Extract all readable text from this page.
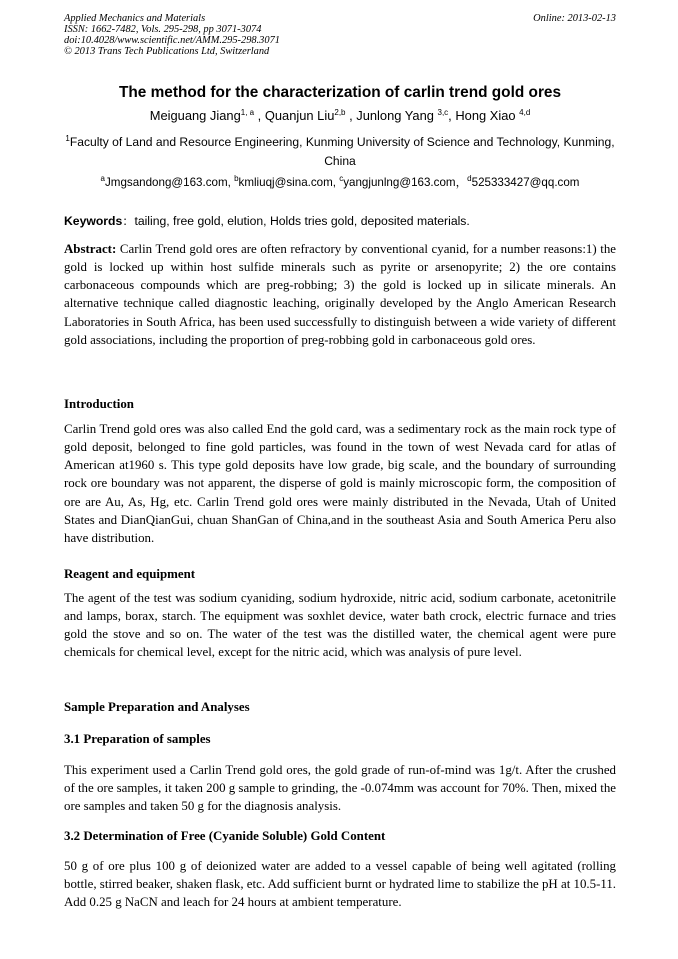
Applied Mechanics and Materials
ISSN: 1662-7482, Vols. 295-298, pp 3071-3074
doi:10.4028/www.scientific.net/AMM.295-298.3071
© 2013 Trans Tech Publications Ltd, Switzerland
Online: 2013-02-13
The method for the characterization of carlin trend gold ores
Meiguang Jiang$^{1, a}$ , Quanjun Liu$^{2,b}$ , Junlong Yang $^{3,c}$, Hong Xiao $^{4,d}$
$^1$Faculty of Land and Resource Engineering, Kunming University of Science and Technology, Kunming, China
$^a$Jmgsandong@163.com, $^b$kmliuqj@sina.com, $^c$yangjunlng@163.com，$^d$525333427@qq.com
Keywords：tailing, free gold, elution, Holds tries gold, deposited materials.
Abstract: Carlin Trend gold ores are often refractory by conventional cyanid, for a number reasons:1) the gold is locked up within host sulfide minerals such as pyrite or arsenopyrite; 2) the ore contains carbonaceous compounds which are preg-robbing; 3) the gold is locked up in silicate minerals. An alternative technique called diagnostic leaching, originally developed by the Anglo American Research Laboratories in South Africa, has been used successfully to distinguish between a wide variety of different gold associations, including the proportion of preg-robbing gold in carbonaceous gold ores.
Introduction
Carlin Trend gold ores was also called End the gold card, was a sedimentary rock as the main rock type of gold deposit, belonged to fine gold particles, was found in the town of west Nevada card for atlas of American at1960 s. This type gold deposits have low grade, big scale, and the boundary of surrounding rock ore boundary was not apparent, the disperse of gold is mainly microscopic form, the composition of ore are Au, As, Hg, etc. Carlin Trend gold ores were mainly distributed in the Nevada, Utah of United States and DianQianGui, chuan ShanGan of China,and in the southeast Asia and South America Peru also have distribution.
Reagent and equipment
The agent of the test was sodium cyaniding, sodium hydroxide, nitric acid, sodium carbonate, acetonitrile and lamps, borax, starch. The equipment was soxhlet device, water bath crock, electric furnace and tries gold the stove and so on. The water of the test was the distilled water, the chemical agent were pure chemicals for chemical level, except for the nitric acid, which was analysis of pure level.
Sample Preparation and Analyses
3.1 Preparation of samples
This experiment used a Carlin Trend gold ores, the gold grade of run-of-mind was 1g/t. After the crushed of the ore samples, it taken 200 g sample to grinding, the -0.074mm was account for 70%. Then, mixed the ore samples and taken 50 g for the diagnosis analysis.
3.2 Determination of Free (Cyanide Soluble) Gold Content
50 g of ore plus 100 g of deionized water are added to a vessel capable of being well agitated (rolling bottle, stirred beaker, shaken flask, etc. Add sufficient burnt or hydrated lime to stabilize the pH at 10.5-11. Add 0.25 g NaCN and leach for 24 hours at ambient temperature.
